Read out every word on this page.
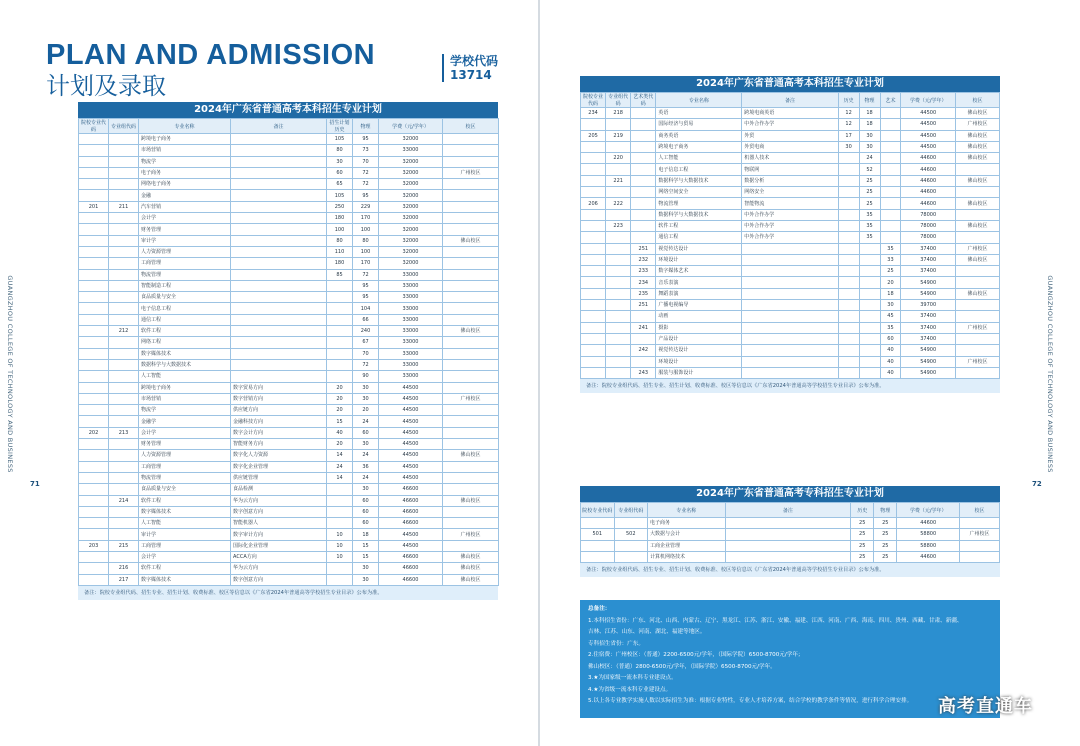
PLAN AND ADMISSION
计划及录取
学校代码
13714
71
GUANGZHOU COLLEGE OF TECHNOLOGY AND BUSINESS
72
GUANGZHOU COLLEGE OF TECHNOLOGY AND BUSINESS
2024年广东省普通高考本科招生专业计划
院校专业代码	专业组代码	专业名称	备注	招生计划 历史	物理	学费（元/学年）	校区
		跨境电子商务		105	95	32000	
		市场营销		80	73	33000	
		物流学		30	70	32000	
		电子商务		60	72	32000	广州校区
		网络电子商务		65	72	32000	
		金融		105	95	32000	
201	211	汽车营销		250	229	32000	
		会计学		180	170	32000	
		财务管理		100	100	32000	
		审计学		80	80	32000	佛山校区
		人力资源管理		110	100	32000	
		工商管理		180	170	32000	
		物流管理		85	72	33000	
		智能制造工程			95	33000	
		食品质量与安全			95	33000	
		电子信息工程			104	33000	
		通信工程			66	33000	
	212	软件工程			240	33000	佛山校区
		网络工程			67	33000	
		数字媒体技术			70	33000	
		数据科学与大数据技术			72	33000	
		人工智能			90	33000	
		跨境电子商务	数字贸易方向	20	30	44500	
		市场营销	数字营销方向	20	30	44500	广州校区
		物流学	供应链方向	20	20	44500	
		金融学	金融科技方向	15	24	44500	
202	213	会计学	数字会计方向	40	60	44500	
		财务管理	智能财务方向	20	30	44500	
		人力资源管理	数字化人力资源	14	24	44500	佛山校区
		工商管理	数字化企业管理	24	36	44500	
		物流管理	供应链管理	14	24	44500	
		食品质量与安全	食品检测		30	46600	
	214	软件工程	华为云方向		60	46600	佛山校区
		数字媒体技术	数字创意方向		60	46600	
		人工智能	智能机器人		60	46600	
		审计学	数字审计方向	10	18	44500	广州校区
203	215	工商管理	国际化企业管理	10	15	44500	
		会计学	ACCA方向	10	15	46600	佛山校区
	216	软件工程	华为云方向		30	46600	佛山校区
	217	数字媒体技术	数字创意方向		30	46600	佛山校区
备注：院校专业组代码、招生专业、招生计划、收费标准、校区等信息以《广东省2024年普通高等学校招生专业目录》公布为准。
2024年广东省普通高考本科招生专业计划
院校专业代码	专业组代码	艺术类代码	专业名称	备注	历史	物理	艺术	学费（元/学年）	校区
234	218		英语	跨境电商英语	12	18		44500	佛山校区
			国际经济与贸易	中外合作办学	12	18		44500	广州校区
205	219		商务英语	外贸	17	30		44500	佛山校区
			跨境电子商务	外贸电商	30	30		44500	佛山校区
	220		人工智能	机器人技术		24		44600	佛山校区
			电子信息工程	物联网		52		44600	
	221		数据科学与大数据技术	数据分析		25		44600	佛山校区
			网络空间安全	网络安全		25		44600	
206	222		物流管理	智能物流		25		44600	佛山校区
			数据科学与大数据技术	中外合作办学		35		78000	
	223		软件工程	中外合作办学		35		78000	佛山校区
			通信工程	中外合作办学		35		78000	
		251	视觉传达设计				35	37400	广州校区
		232	环境设计				33	37400	佛山校区
		233	数字媒体艺术				25	37400	
		234	音乐表演				20	54900	
		235	舞蹈表演				18	54900	佛山校区
		251	广播电视编导				30	39700	
			动画				45	37400	
		241	摄影				35	37400	广州校区
			产品设计				60	37400	
		242	视觉传达设计				40	54900	
			环境设计				40	54900	广州校区
		243	服装与服饰设计				40	54900	
备注：院校专业组代码、招生专业、招生计划、收费标准、校区等信息以《广东省2024年普通高等学校招生专业目录》公布为准。
2024年广东省普通高考专科招生专业计划
院校专业代码	专业组代码	专业名称	备注	历史	物理	学费（元/学年）	校区
		电子商务		25	25	44600	
501	502	大数据与会计		25	25	58800	广州校区
		工商企业管理		25	25	58800	
		计算机网络技术		25	25	44600	
备注：院校专业组代码、招生专业、招生计划、收费标准、校区等信息以《广东省2024年普通高等学校招生专业目录》公布为准。
总备注：
1.本科招生省份：广东、河北、山西、内蒙古、辽宁、黑龙江、江苏、浙江、安徽、福建、江西、河南、广西、海南、四川、贵州、西藏、甘肃、新疆、
吉林、江苏、山东、河南、湖北、福建等地区。
专科招生省份：广东。
2.住宿费：广州校区：（普通）2200-6500元/学年，（国际学院）6500-8700元/学年；
佛山校区：（普通）2800-6500元/学年，（国际学院）6500-8700元/学年。
3.★为国家级一流本科专业建设点。
4.★为省级一流本科专业建设点。
5.以上各专业教学实施人数以实际招生为准：根据专业特性，专业人才培养方案，结合学校的教学条件等情况，进行科学合理安排。	高考直通车
